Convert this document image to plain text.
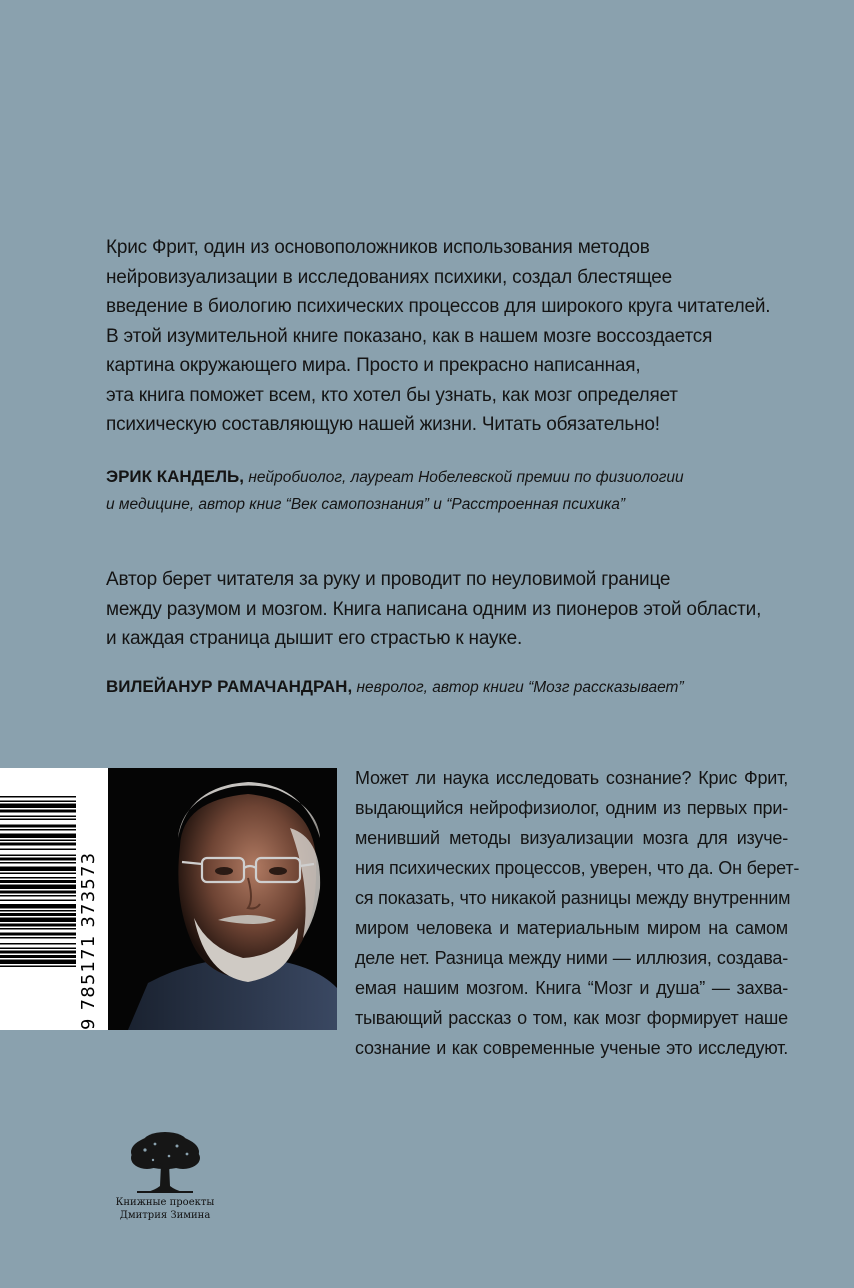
Крис Фрит, один из основоположников использования методов
нейровизуализации в исследованиях психики, создал блестящее
введение в биологию психических процессов для широкого круга читателей.
В этой изумительной книге показано, как в нашем мозге воссоздается
картина окружающего мира. Просто и прекрасно написанная,
эта книга поможет всем, кто хотел бы узнать, как мозг определяет
психическую составляющую нашей жизни. Читать обязательно!
ЭРИК КАНДЕЛЬ, нейробиолог, лауреат Нобелевской премии по физиологии
и медицине, автор книг “Век самопознания” и “Расстроенная психика”
Автор берет читателя за руку и проводит по неуловимой границе
между разумом и мозгом. Книга написана одним из пионеров этой области,
и каждая страница дышит его страстью к науке.
ВИЛЕЙАНУР РАМАЧАНДРАН, невролог, автор книги “Мозг рассказывает”
9 785171 373573
Может ли наука исследовать сознание? Крис Фрит,
выдающийся нейрофизиолог, одним из первых при-
менивший методы визуализации мозга для изуче-
ния психических процессов, уверен, что да. Он берет-
ся показать, что никакой разницы между внутренним
миром человека и материальным миром на самом
деле нет. Разница между ними — иллюзия, создава-
емая нашим мозгом. Книга “Мозг и душа” — захва-
тывающий рассказ о том, как мозг формирует наше
сознание и как современные ученые это исследуют.
Книжные проекты
Дмитрия Зимина
